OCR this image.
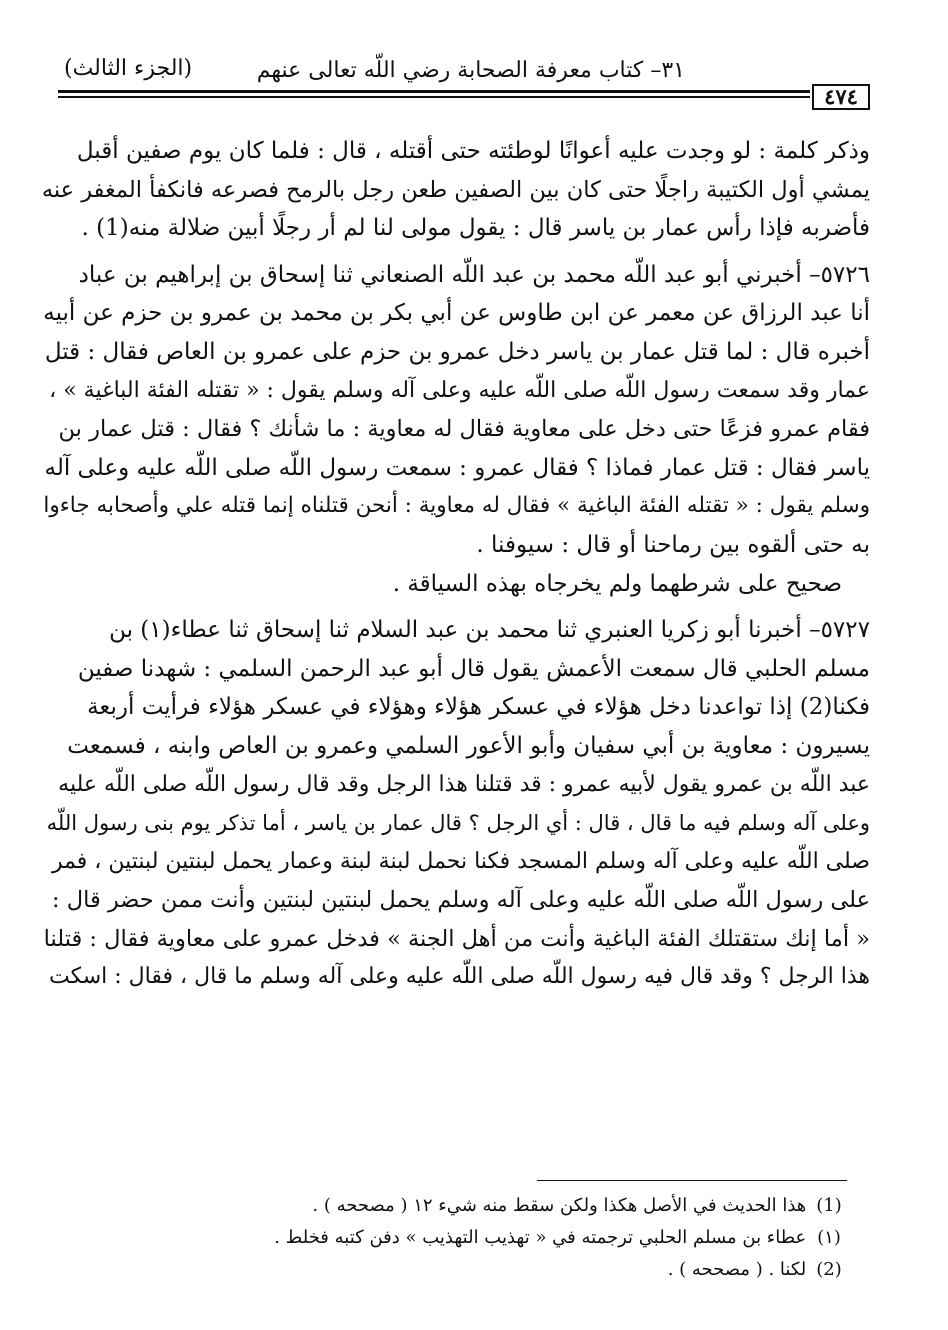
٣١– كتاب معرفة الصحابة رضي اللّه تعالى عنهم
(الجزء الثالث)
٤٧٤
وذكر كلمة : لو وجدت عليه أعوانًا لوطئته حتى أقتله ، قال : فلما كان يوم صفين أقبل
يمشي أول الكتيبة راجلًا حتى كان بين الصفين طعن رجل بالرمح فصرعه فانكفأ المغفر عنه
فأضربه فإذا رأس عمار بن ياسر قال : يقول مولى لنا لم أر رجلًا أبين ضلالة منه(1) .
٥٧٢٦– أخبرني أبو عبد اللّه محمد بن عبد اللّه الصنعاني ثنا إسحاق بن إبراهيم بن عباد
أنا عبد الرزاق عن معمر عن ابن طاوس عن أبي بكر بن محمد بن عمرو بن حزم عن أبيه
أخبره قال : لما قتل عمار بن ياسر دخل عمرو بن حزم على عمرو بن العاص فقال : قتل
عمار وقد سمعت رسول اللّه صلى اللّه عليه وعلى آله وسلم يقول : « تقتله الفئة الباغية » ،
فقام عمرو فزعًا حتى دخل على معاوية فقال له معاوية : ما شأنك ؟ فقال : قتل عمار بن
ياسر فقال : قتل عمار فماذا ؟ فقال عمرو : سمعت رسول اللّه صلى اللّه عليه وعلى آله
وسلم يقول : « تقتله الفئة الباغية » فقال له معاوية : أنحن قتلناه إنما قتله علي وأصحابه جاءوا
به حتى ألقوه بين رماحنا أو قال : سيوفنا .
صحيح على شرطهما ولم يخرجاه بهذه السياقة .
٥٧٢٧– أخبرنا أبو زكريا العنبري ثنا محمد بن عبد السلام ثنا إسحاق ثنا عطاء(١) بن
مسلم الحلبي قال سمعت الأعمش يقول قال أبو عبد الرحمن السلمي : شهدنا صفين
فكنا(2) إذا تواعدنا دخل هؤلاء في عسكر هؤلاء وهؤلاء في عسكر هؤلاء فرأيت أربعة
يسيرون : معاوية بن أبي سفيان وأبو الأعور السلمي وعمرو بن العاص وابنه ، فسمعت
عبد اللّه بن عمرو يقول لأبيه عمرو : قد قتلنا هذا الرجل وقد قال رسول اللّه صلى اللّه عليه
وعلى آله وسلم فيه ما قال ، قال : أي الرجل ؟ قال عمار بن ياسر ، أما تذكر يوم بنى رسول اللّه
صلى اللّه عليه وعلى آله وسلم المسجد فكنا نحمل لبنة لبنة وعمار يحمل لبنتين لبنتين ، فمر
على رسول اللّه صلى اللّه عليه وعلى آله وسلم يحمل لبنتين لبنتين وأنت ممن حضر قال :
« أما إنك ستقتلك الفئة الباغية وأنت من أهل الجنة » فدخل عمرو على معاوية فقال : قتلنا
هذا الرجل ؟ وقد قال فيه رسول اللّه صلى اللّه عليه وعلى آله وسلم ما قال ، فقال : اسكت
(1) هذا الحديث في الأصل هكذا ولكن سقط منه شيء ١٢ ( مصححه ) .
(١) عطاء بن مسلم الحلبي ترجمته في « تهذيب التهذيب » دفن كتبه فخلط .
(2) لكنا . ( مصححه ) .
